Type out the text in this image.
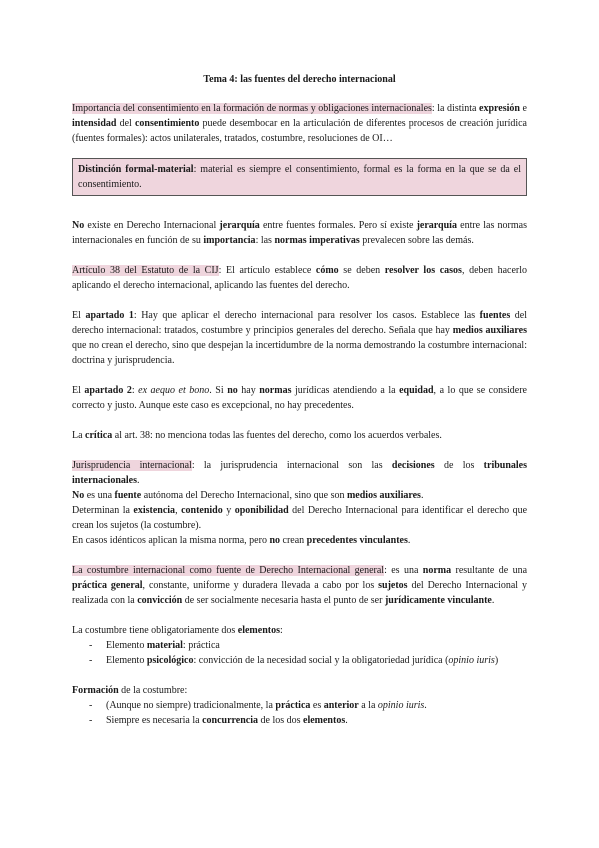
Tema 4: las fuentes del derecho internacional

Importancia del consentimiento en la formación de normas y obligaciones internacionales: la distinta expresión e intensidad del consentimiento puede desembocar en la articulación de diferentes procesos de creación jurídica (fuentes formales): actos unilaterales, tratados, costumbre, resoluciones de OI…

Distinción formal-material: material es siempre el consentimiento, formal es la forma en la que se da el consentimiento.

No existe en Derecho Internacional jerarquía entre fuentes formales. Pero sí existe jerarquía entre las normas internacionales en función de su importancia: las normas imperativas prevalecen sobre las demás.

Artículo 38 del Estatuto de la CIJ: El artículo establece cómo se deben resolver los casos, deben hacerlo aplicando el derecho internacional, aplicando las fuentes del derecho.

El apartado 1: Hay que aplicar el derecho internacional para resolver los casos. Establece las fuentes del derecho internacional: tratados, costumbre y principios generales del derecho. Señala que hay medios auxiliares que no crean el derecho, sino que despejan la incertidumbre de la norma demostrando la costumbre internacional: doctrina y jurisprudencia.

El apartado 2: ex aequo et bono. Si no hay normas jurídicas atendiendo a la equidad, a lo que se considere correcto y justo. Aunque este caso es excepcional, no hay precedentes.

La crítica al art. 38: no menciona todas las fuentes del derecho, como los acuerdos verbales.

Jurisprudencia internacional: la jurisprudencia internacional son las decisiones de los tribunales internacionales.

No es una fuente autónoma del Derecho Internacional, sino que son medios auxiliares.

Determinan la existencia, contenido y oponibilidad del Derecho Internacional para identificar el derecho que crean los sujetos (la costumbre).

En casos idénticos aplican la misma norma, pero no crean precedentes vinculantes.

La costumbre internacional como fuente de Derecho Internacional general: es una norma resultante de una práctica general, constante, uniforme y duradera llevada a cabo por los sujetos del Derecho Internacional y realizada con la convicción de ser socialmente necesaria hasta el punto de ser jurídicamente vinculante.

La costumbre tiene obligatoriamente dos elementos:

- Elemento material: práctica
- Elemento psicológico: convicción de la necesidad social y la obligatoriedad jurídica (opinio iuris)

Formación de la costumbre:

- (Aunque no siempre) tradicionalmente, la práctica es anterior a la opinio iuris.
- Siempre es necesaria la concurrencia de los dos elementos.
